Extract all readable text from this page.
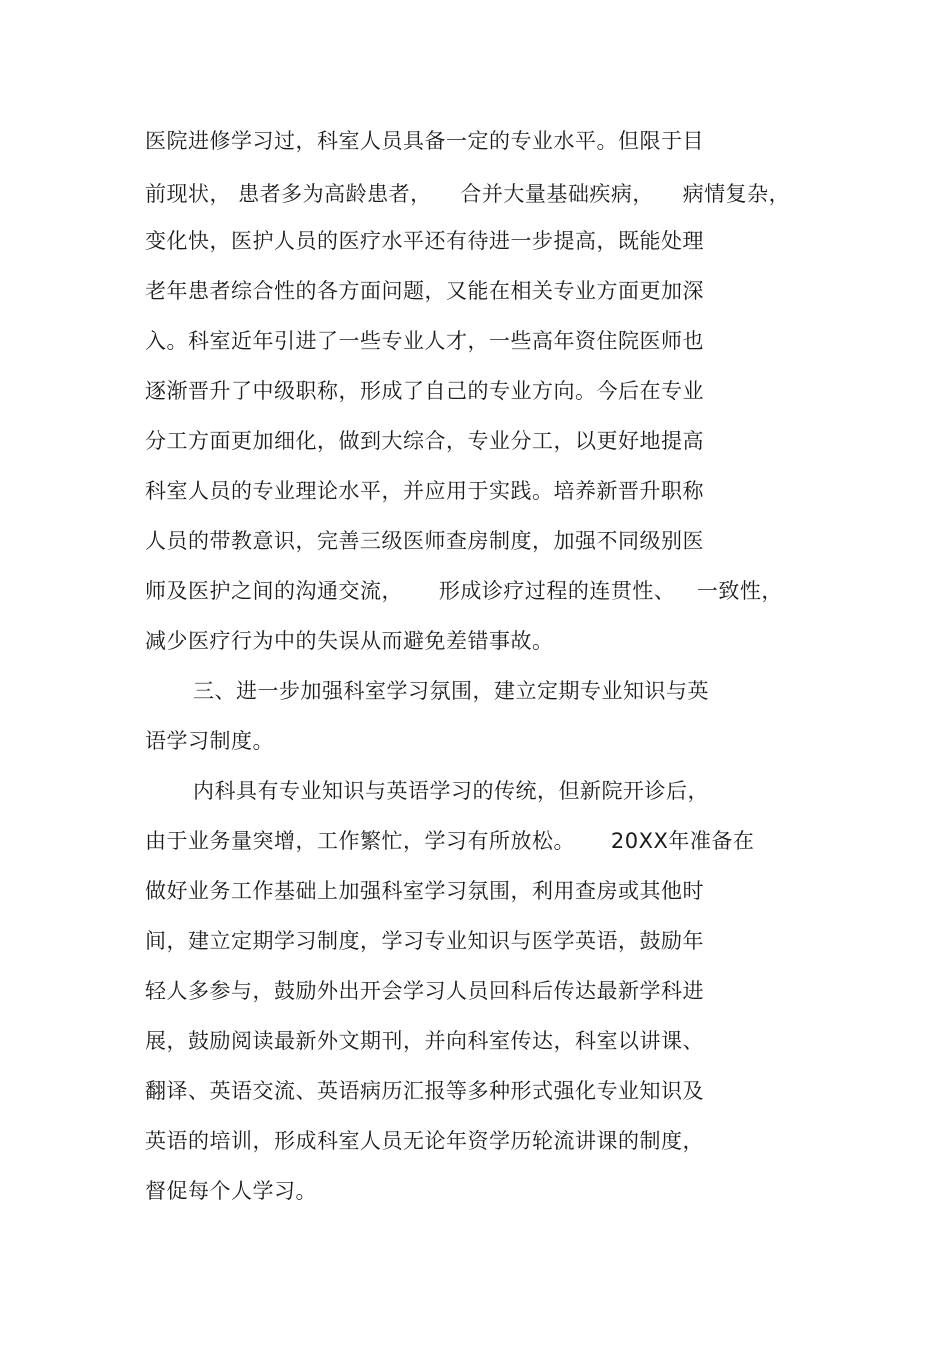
医院进修学习过，科室人员具备一定的专业水平。但限于目
前现状， 患者多为高龄患者，    合并大量基础疾病，    病情复杂，
变化快，医护人员的医疗水平还有待进一步提高，既能处理
老年患者综合性的各方面问题，又能在相关专业方面更加深
入。科室近年引进了一些专业人才，一些高年资住院医师也
逐渐晋升了中级职称，形成了自己的专业方向。今后在专业
分工方面更加细化，做到大综合，专业分工，以更好地提高
科室人员的专业理论水平，并应用于实践。培养新晋升职称
人员的带教意识，完善三级医师查房制度，加强不同级别医
师及医护之间的沟通交流，     形成诊疗过程的连贯性、   一致性，
减少医疗行为中的失误从而避免差错事故。
三、进一步加强科室学习氛围，建立定期专业知识与英
语学习制度。
内科具有专业知识与英语学习的传统，但新院开诊后，
由于业务量突增，工作繁忙，学习有所放松。     20XX年准备在
做好业务工作基础上加强科室学习氛围，利用查房或其他时
间，建立定期学习制度，学习专业知识与医学英语，鼓励年
轻人多参与，鼓励外出开会学习人员回科后传达最新学科进
展，鼓励阅读最新外文期刊，并向科室传达，科室以讲课、
翻译、英语交流、英语病历汇报等多种形式强化专业知识及
英语的培训，形成科室人员无论年资学历轮流讲课的制度，
督促每个人学习。
